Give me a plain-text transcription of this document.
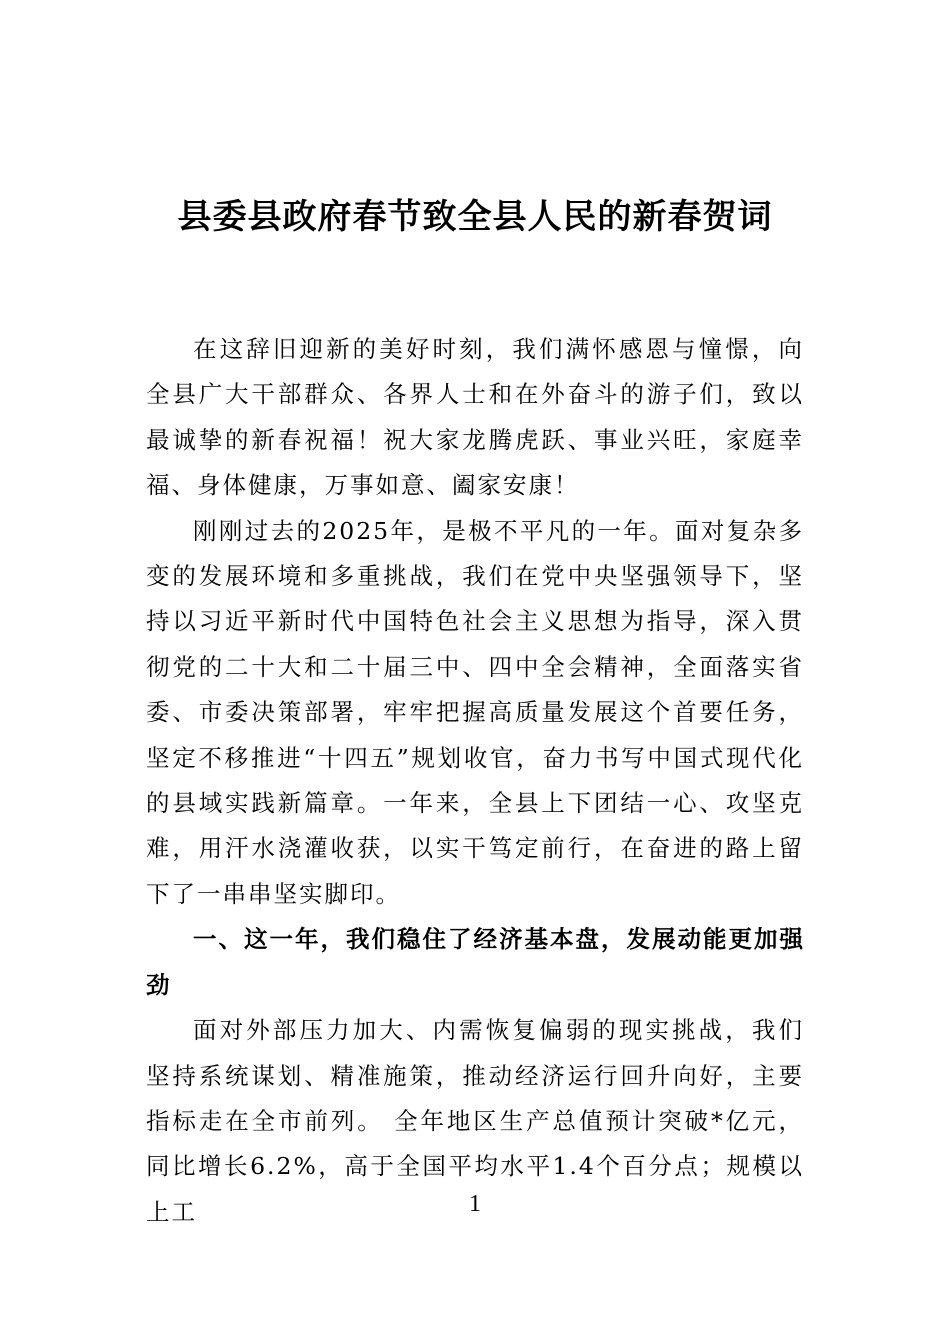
县委县政府春节致全县人民的新春贺词

在这辞旧迎新的美好时刻，我们满怀感恩与憧憬，向全县广大干部群众、各界人士和在外奋斗的游子们，致以最诚挚的新春祝福！祝大家龙腾虎跃、事业兴旺，家庭幸福、身体健康，万事如意、阖家安康！

刚刚过去的2025年，是极不平凡的一年。面对复杂多变的发展环境和多重挑战，我们在党中央坚强领导下，坚持以习近平新时代中国特色社会主义思想为指导，深入贯彻党的二十大和二十届三中、四中全会精神，全面落实省委、市委决策部署，牢牢把握高质量发展这个首要任务，坚定不移推进“十四五”规划收官，奋力书写中国式现代化的县域实践新篇章。一年来，全县上下团结一心、攻坚克难，用汗水浇灌收获，以实干笃定前行，在奋进的路上留下了一串串坚实脚印。

一、这一年，我们稳住了经济基本盘，发展动能更加强劲

面对外部压力加大、内需恢复偏弱的现实挑战，我们坚持系统谋划、精准施策，推动经济运行回升向好，主要指标走在全市前列。 全年地区生产总值预计突破*亿元，同比增长6.2%，高于全国平均水平1.4个百分点；规模以上工	1
